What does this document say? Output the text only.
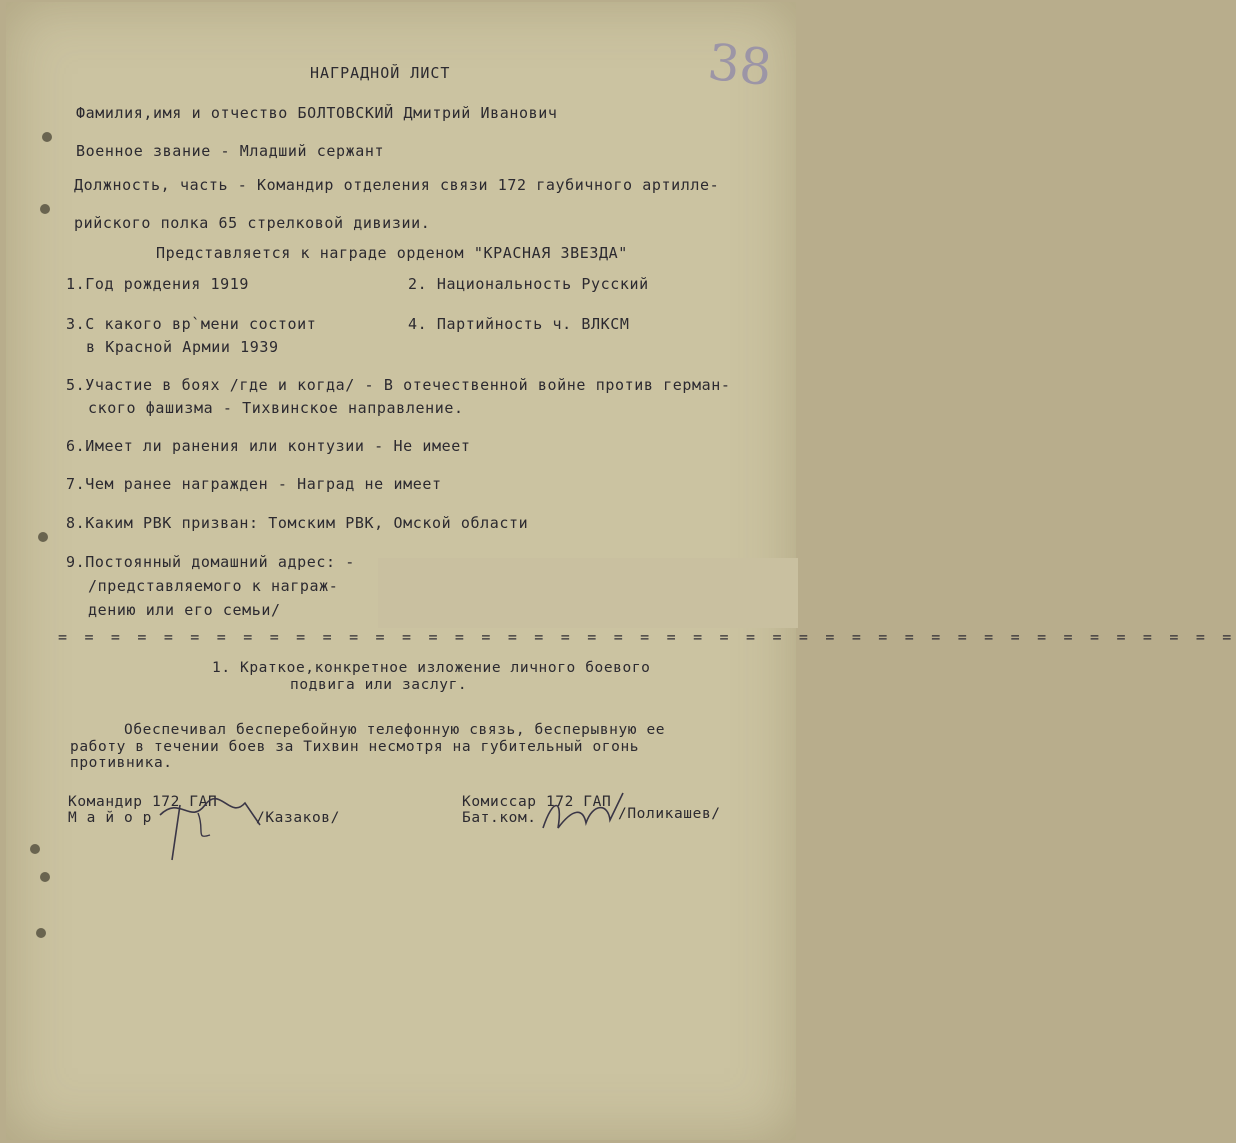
38
НАГРАДНОЙ ЛИСТ
Фамилия,имя и отчество БОЛТОВСКИЙ Дмитрий Иванович
Военное звание - Младший сержант
Должность, часть - Командир отделения связи 172 гаубичного артилле-
рийского полка 65 стрелковой дивизии.
Представляется к награде орденом "КРАСНАЯ ЗВЕЗДА"
1.Год рождения 1919	2. Национальность Русский
3.С какого вр`мени состоит	4. Партийность ч. ВЛКСМ
в Красной Армии 1939
5.Участие в боях /где и когда/ - В отечественной войне против герман-
ского фашизма - Тихвинское направление.
6.Имеет ли ранения или контузии - Не имеет
7.Чем ранее награжден - Наград не имеет
8.Каким РВК призван: Томским РВК, Омской области
9.Постоянный домашний адрес: -
/представляемого к награж-
дению или его семьи/
= = = = = = = = = = = = = = = = = = = = = = = = = = = = = = = = = = = = = = = = = = = = =
1. Краткое,конкретное изложение личного боевого
подвига или заслуг.
Обеспечивал бесперебойную телефонную связь, бесперывную ее
работу в течении боев за Тихвин несмотря на губительный огонь
противника.
Командир 172 ГАП
М а й о р	/Казаков/
Комиссар 172 ГАП
Бат.ком.	/Поликашев/
